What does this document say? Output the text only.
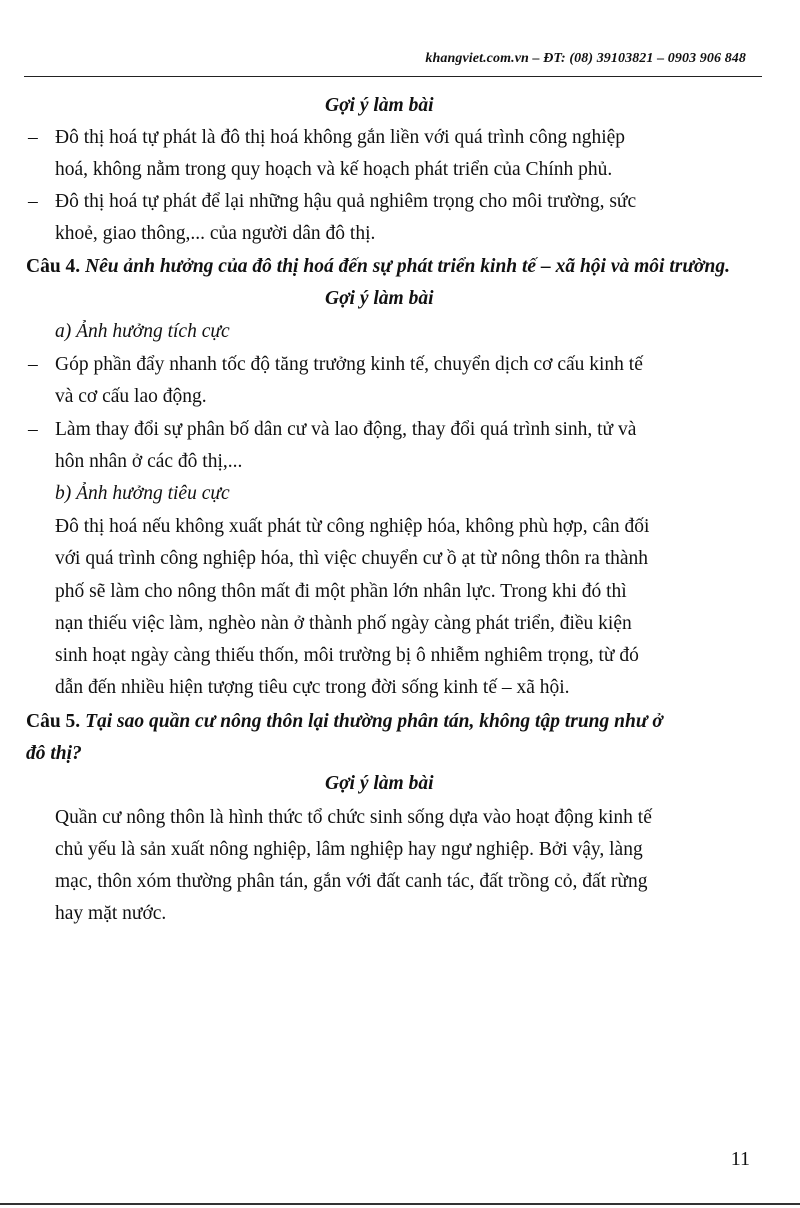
khangviet.com.vn – ĐT: (08) 39103821 – 0903 906 848
Gợi ý làm bài
– Đô thị hoá tự phát là đô thị hoá không gắn liền với quá trình công nghiệp
hoá, không nằm trong quy hoạch và kế hoạch phát triển của Chính phủ.
– Đô thị hoá tự phát để lại những hậu quả nghiêm trọng cho môi trường, sức
khoẻ, giao thông,... của người dân đô thị.
Câu 4. Nêu ảnh hưởng của đô thị hoá đến sự phát triển kinh tế – xã hội và môi trường.
Gợi ý làm bài
a) Ảnh hưởng tích cực
– Góp phần đẩy nhanh tốc độ tăng trưởng kinh tế, chuyển dịch cơ cấu kinh tế
và cơ cấu lao động.
– Làm thay đổi sự phân bố dân cư và lao động, thay đổi quá trình sinh, tử và
hôn nhân ở các đô thị,...
b) Ảnh hưởng tiêu cực
Đô thị hoá nếu không xuất phát từ công nghiệp hóa, không phù hợp, cân đối
với quá trình công nghiệp hóa, thì việc chuyển cư ồ ạt từ nông thôn ra thành
phố sẽ làm cho nông thôn mất đi một phần lớn nhân lực. Trong khi đó thì
nạn thiếu việc làm, nghèo nàn ở thành phố ngày càng phát triển, điều kiện
sinh hoạt ngày càng thiếu thốn, môi trường bị ô nhiễm nghiêm trọng, từ đó
dẫn đến nhiều hiện tượng tiêu cực trong đời sống kinh tế – xã hội.
Câu 5. Tại sao quần cư nông thôn lại thường phân tán, không tập trung như ở
đô thị?
Gợi ý làm bài
Quần cư nông thôn là hình thức tổ chức sinh sống dựa vào hoạt động kinh tế
chủ yếu là sản xuất nông nghiệp, lâm nghiệp hay ngư nghiệp. Bởi vậy, làng
mạc, thôn xóm thường phân tán, gắn với đất canh tác, đất trồng cỏ, đất rừng
hay mặt nước.
11
